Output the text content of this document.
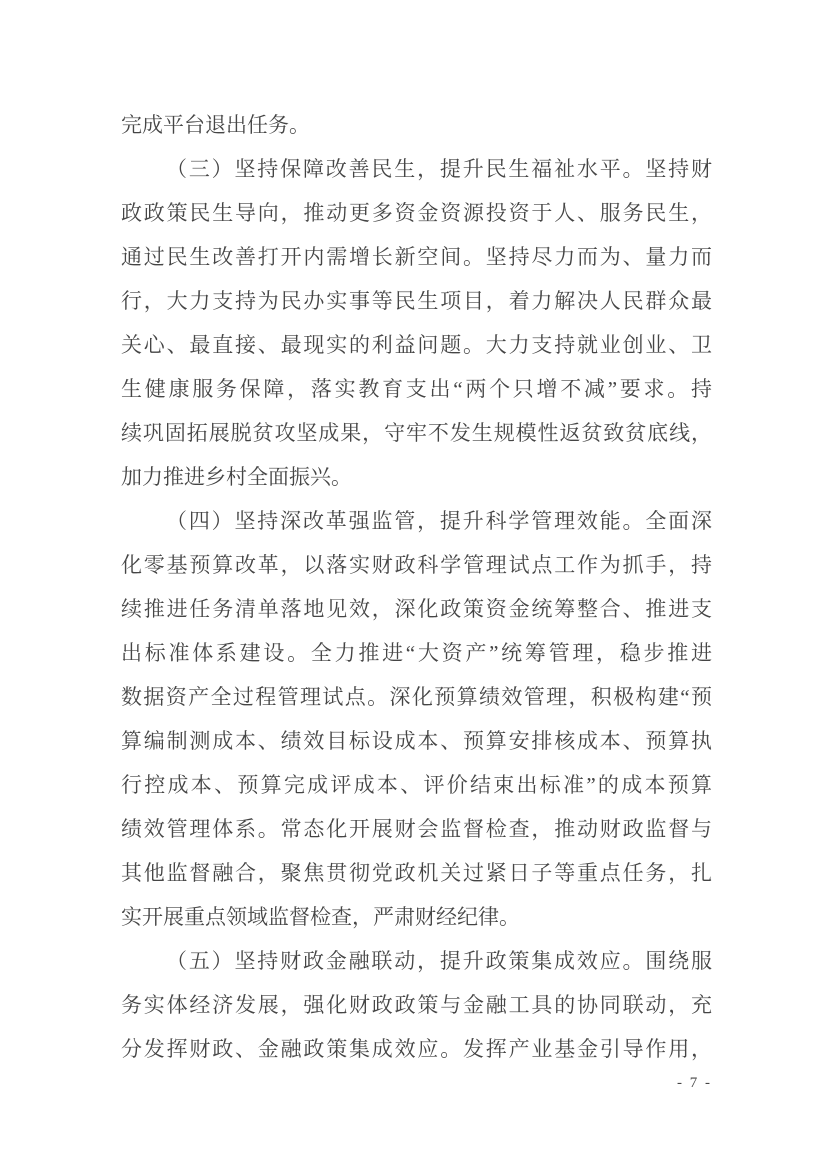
完成平台退出任务。
（三）坚持保障改善民生，提升民生福祉水平。坚持财
政政策民生导向，推动更多资金资源投资于人、服务民生，
通过民生改善打开内需增长新空间。坚持尽力而为、量力而
行，大力支持为民办实事等民生项目，着力解决人民群众最
关心、最直接、最现实的利益问题。大力支持就业创业、卫
生健康服务保障，落实教育支出“两个只增不减”要求。持
续巩固拓展脱贫攻坚成果，守牢不发生规模性返贫致贫底线，
加力推进乡村全面振兴。
（四）坚持深改革强监管，提升科学管理效能。全面深
化零基预算改革，以落实财政科学管理试点工作为抓手，持
续推进任务清单落地见效，深化政策资金统筹整合、推进支
出标准体系建设。全力推进“大资产”统筹管理，稳步推进
数据资产全过程管理试点。深化预算绩效管理，积极构建“预
算编制测成本、绩效目标设成本、预算安排核成本、预算执
行控成本、预算完成评成本、评价结束出标准”的成本预算
绩效管理体系。常态化开展财会监督检查，推动财政监督与
其他监督融合，聚焦贯彻党政机关过紧日子等重点任务，扎
实开展重点领域监督检查，严肃财经纪律。
（五）坚持财政金融联动，提升政策集成效应。围绕服
务实体经济发展，强化财政政策与金融工具的协同联动，充
分发挥财政、金融政策集成效应。发挥产业基金引导作用，
- 7 -
